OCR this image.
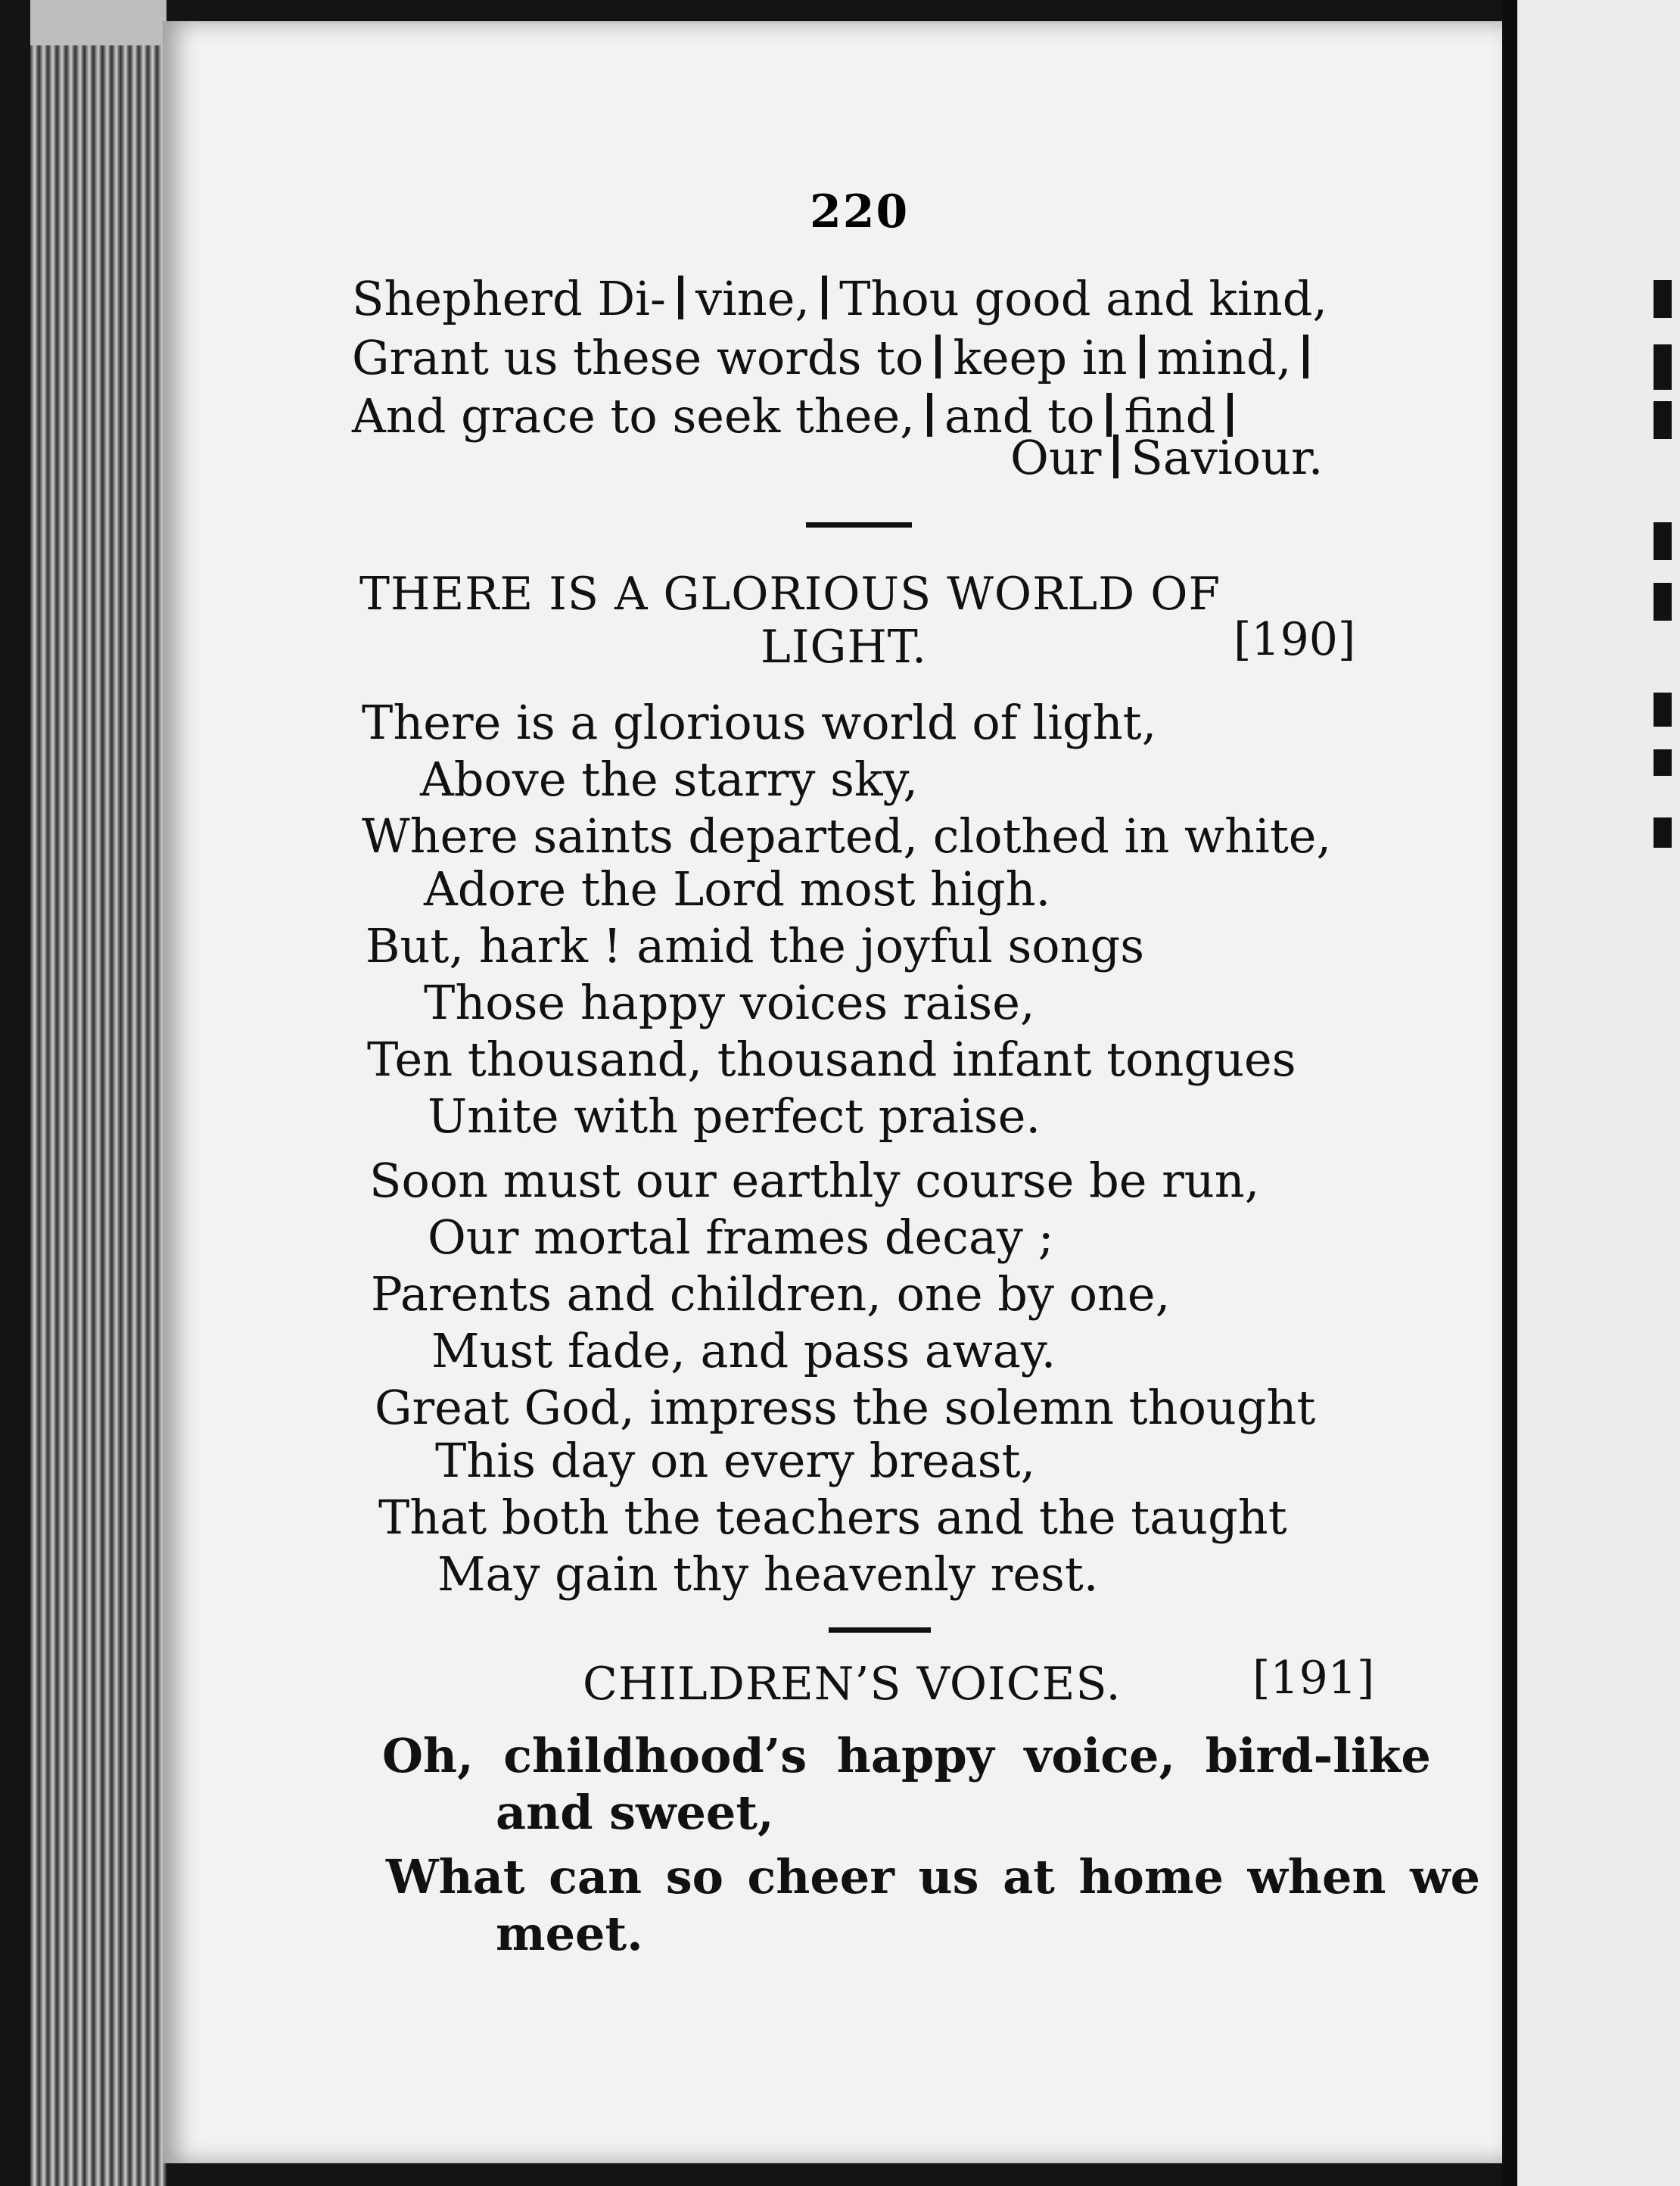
220
Shepherd Di- vine, Thou good and kind,
Grant us these words to keep in mind,
And grace to seek thee, and to find
Our Saviour.
THERE IS A GLORIOUS WORLD OF
LIGHT.	[190]
There is a glorious world of light,
Above the starry sky,
Where saints departed, clothed in white,
Adore the Lord most high.
But, hark ! amid the joyful songs
Those happy voices raise,
Ten thousand, thousand infant tongues
Unite with perfect praise.
Soon must our earthly course be run,
Our mortal frames decay ;
Parents and children, one by one,
Must fade, and pass away.
Great God, impress the solemn thought
This day on every breast,
That both the teachers and the taught
May gain thy heavenly rest.
CHILDREN’S VOICES.	[191]
Oh, childhood’s happy voice, bird-like
and sweet,
What can so cheer us at home when we
meet.
